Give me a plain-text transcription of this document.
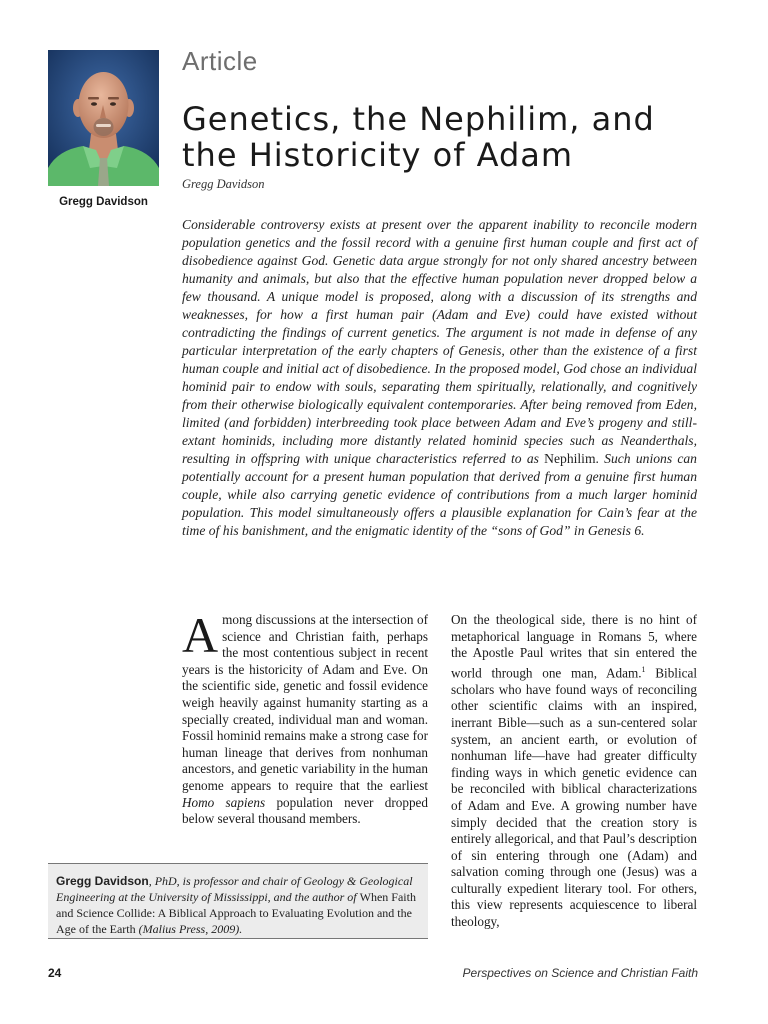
Gregg Davidson
Article
Genetics, the Nephilim, and the Historicity of Adam
Gregg Davidson

Considerable controversy exists at present over the apparent inability to reconcile modern population genetics and the fossil record with a genuine first human couple and first act of disobedience against God. Genetic data argue strongly for not only shared ancestry between humanity and animals, but also that the effective human population never dropped below a few thousand. A unique model is proposed, along with a discussion of its strengths and weaknesses, for how a first human pair (Adam and Eve) could have existed without contradicting the findings of current genetics. The argument is not made in defense of any particular interpretation of the early chapters of Genesis, other than the existence of a first human couple and initial act of disobedience. In the proposed model, God chose an individual hominid pair to endow with souls, separating them spiritually, relationally, and cognitively from their otherwise biologically equivalent contemporaries. After being removed from Eden, limited (and forbidden) interbreeding took place between Adam and Eve’s progeny and still-extant hominids, including more distantly related hominid species such as Neanderthals, resulting in offspring with unique characteristics referred to as Nephilim. Such unions can potentially account for a present human population that derived from a genuine first human couple, while also carrying genetic evidence of contributions from a much larger hominid population. This model simultaneously offers a plausible explanation for Cain’s fear at the time of his banishment, and the enigmatic identity of the “sons of God” in Genesis 6.

Among discussions at the intersection of science and Christian faith, perhaps the most contentious subject in recent years is the historicity of Adam and Eve. On the scientific side, genetic and fossil evidence weigh heavily against humanity starting as a specially created, individual man and woman. Fossil hominid remains make a strong case for human lineage that derives from nonhuman ancestors, and genetic variability in the human genome appears to require that the earliest Homo sapiens population never dropped below several thousand members.

On the theological side, there is no hint of metaphorical language in Romans 5, where the Apostle Paul writes that sin entered the world through one man, Adam.$^1$ Biblical scholars who have found ways of reconciling other scientific claims with an inspired, inerrant Bible—such as a sun-centered solar system, an ancient earth, or evolution of nonhuman life—have had greater difficulty finding ways in which genetic evidence can be reconciled with biblical characterizations of Adam and Eve. A growing number have simply decided that the creation story is entirely allegorical, and that Paul’s description of sin entering through one (Adam) and salvation coming through one (Jesus) was a culturally expedient literary tool. For others, this view represents acquiescence to liberal theology,

Gregg Davidson, PhD, is professor and chair of Geology & Geological Engineering at the University of Mississippi, and the author of When Faith and Science Collide: A Biblical Approach to Evaluating Evolution and the Age of the Earth (Malius Press, 2009).
24	Perspectives on Science and Christian Faith
